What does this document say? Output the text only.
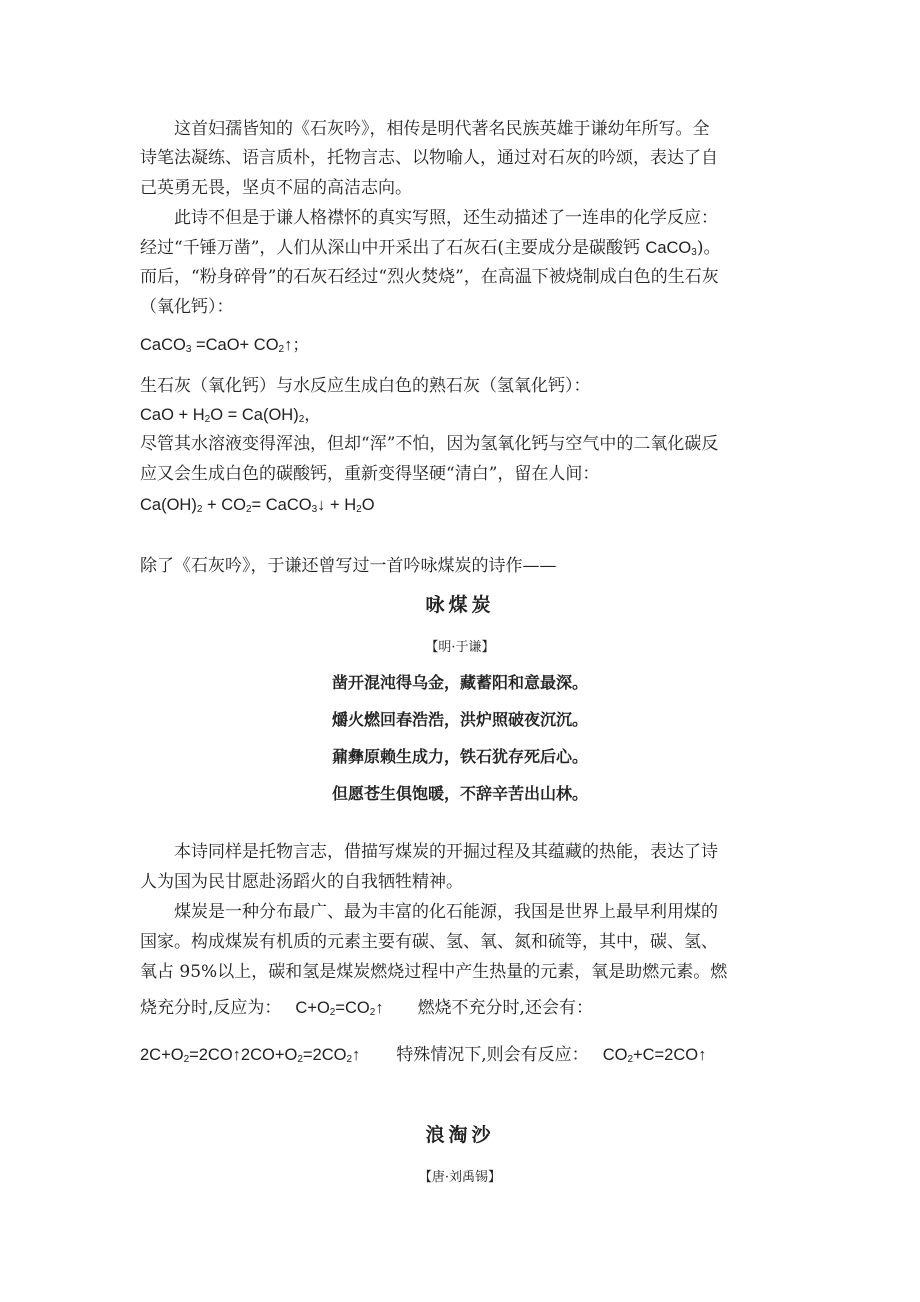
　　这首妇孺皆知的《石灰吟》，相传是明代著名民族英雄于谦幼年所写。全
诗笔法凝练、语言质朴，托物言志、以物喻人，通过对石灰的吟颂，表达了自
己英勇无畏，坚贞不屈的高洁志向。
　　此诗不但是于谦人格襟怀的真实写照，还生动描述了一连串的化学反应：
经过“千锤万凿”，人们从深山中开采出了石灰石(主要成分是碳酸钙 CaCO$_3$)。
而后，“粉身碎骨”的石灰石经过“烈火焚烧”，在高温下被烧制成白色的生石灰
（氧化钙）：
CaCO$_3$ $=CaO+ CO_2↑$；
生石灰（氧化钙）与水反应生成白色的熟石灰（氢氧化钙）：
CaO + $H_2O = Ca(OH)_2$，
尽管其水溶液变得浑浊，但却“浑”不怕，因为氢氧化钙与空气中的二氧化碳反
应又会生成白色的碳酸钙，重新变得坚硬“清白”，留在人间：
$Ca(OH)_2 + CO_2=$ CaCO$_3$↓ + $H_2O$
除了《石灰吟》，于谦还曾写过一首吟咏煤炭的诗作——
咏煤炭
【明·于谦】
凿开混沌得乌金，藏蓄阳和意最深。
爝火燃回春浩浩，洪炉照破夜沉沉。
鼐彝原赖生成力，铁石犹存死后心。
但愿苍生俱饱暖，不辞辛苦出山林。
　　本诗同样是托物言志，借描写煤炭的开掘过程及其蕴藏的热能，表达了诗
人为国为民甘愿赴汤蹈火的自我牺牲精神。
　　煤炭是一种分布最广、最为丰富的化石能源，我国是世界上最早利用煤的
国家。构成煤炭有机质的元素主要有碳、氢、氧、氮和硫等，其中，碳、氢、
氧占 95%以上，碳和氢是煤炭燃烧过程中产生热量的元素，氧是助燃元素。燃
烧充分时,反应为： $C+O_2=CO_2↑$ 燃烧不充分时,还会有：
$2C+O_2=2CO↑2CO+O_2=2CO_2↑$ 特殊情况下,则会有反应： $CO_2+C=2CO↑$
浪淘沙
【唐·刘禹锡】
